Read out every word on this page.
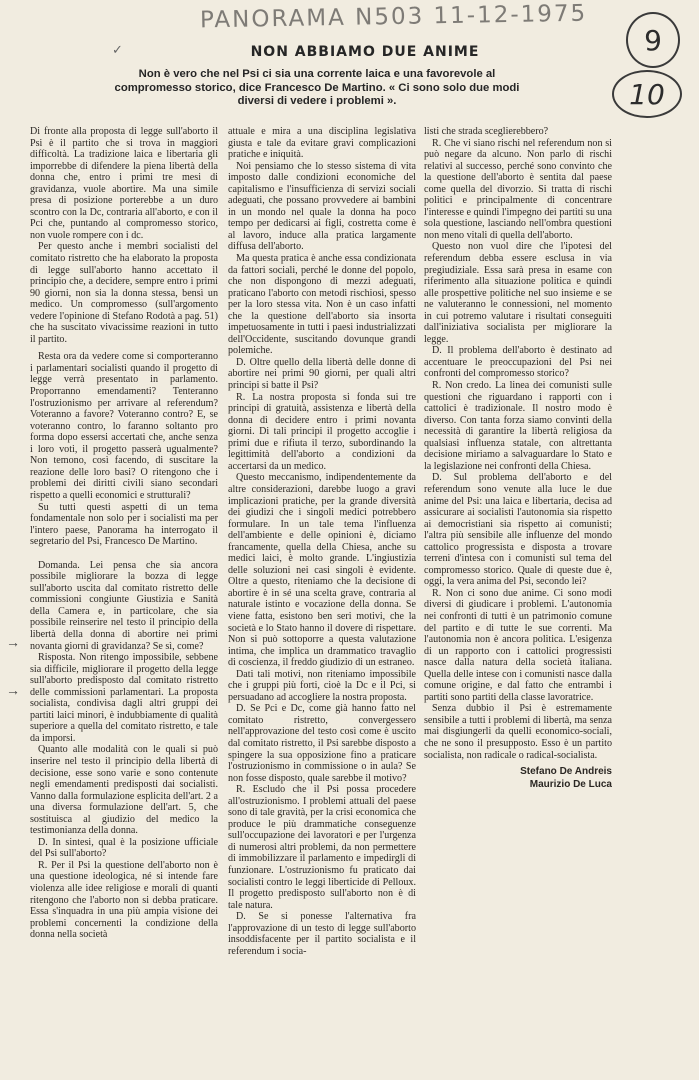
PANORAMA N503 11-12-1975
9
10
✓	NON ABBIAMO DUE ANIME
Non è vero che nel Psi ci sia una corrente laica e una favorevole al compromesso storico, dice Francesco De Martino. « Ci sono solo due modi diversi di vedere i problemi ».

Di fronte alla proposta di legge sull'aborto il Psi è il partito che si trova in maggiori difficoltà. La tradizione laica e libertaria gli imporrebbe di difendere la piena libertà della donna che, entro i primi tre mesi di gravidanza, vuole abortire. Ma una simile presa di posizione porterebbe a un duro scontro con la Dc, contraria all'aborto, e con il Pci che, puntando al compromesso storico, non vuole rompere con i dc.

Per questo anche i membri socialisti del comitato ristretto che ha elaborato la proposta di legge sull'aborto hanno accettato il principio che, a decidere, sempre entro i primi 90 giorni, non sia la donna stessa, bensì un medico. Un compromesso (sull'argomento vedere l'opinione di Stefano Rodotà a pag. 51) che ha suscitato vivacissime reazioni in tutto il partito.

Resta ora da vedere come si comporteranno i parlamentari socialisti quando il progetto di legge verrà presentato in parlamento. Proporranno emendamenti? Tenteranno l'ostruzionismo per arrivare al referendum? Voteranno a favore? Voteranno contro? E, se voteranno contro, lo faranno soltanto pro forma dopo essersi accertati che, anche senza i loro voti, il progetto passerà ugualmente? Non temono, così facendo, di suscitare la reazione delle loro basi? O ritengono che i problemi dei diritti civili siano secondari rispetto a quelli economici e strutturali?

Su tutti questi aspetti di un tema fondamentale non solo per i socialisti ma per l'intero paese, Panorama ha interrogato il segretario del Psi, Francesco De Martino.

Domanda. Lei pensa che sia ancora possibile migliorare la bozza di legge sull'aborto uscita dal comitato ristretto delle commissioni congiunte Giustizia e Sanità della Camera e, in particolare, che sia possibile reinserire nel testo il principio della libertà della donna di abortire nei primi novanta giorni di gravidanza? Se sì, come?

Risposta. Non ritengo impossibile, sebbene sia difficile, migliorare il progetto della legge sull'aborto predisposto dal comitato ristretto delle commissioni parlamentari. La proposta socialista, condivisa dagli altri gruppi dei partiti laici minori, è indubbiamente di qualità superiore a quella del comitato ristretto, e tale da imporsi.

Quanto alle modalità con le quali si può inserire nel testo il principio della libertà di decisione, esse sono varie e sono contenute negli emendamenti predisposti dai socialisti. Vanno dalla formulazione esplicita dell'art. 2 a una diversa formulazione dell'art. 5, che sostituisca al giudizio del medico la testimonianza della donna.

D. In sintesi, qual è la posizione ufficiale del Psi sull'aborto?

R. Per il Psi la questione dell'aborto non è una questione ideologica, né si intende fare violenza alle idee religiose e morali di quanti ritengono che l'aborto non si debba praticare. Essa s'inquadra in una più ampia visione dei problemi concernenti la condizione della donna nella società

attuale e mira a una disciplina legislativa giusta e tale da evitare gravi complicazioni pratiche e iniquità.

Noi pensiamo che lo stesso sistema di vita imposto dalle condizioni economiche del capitalismo e l'insufficienza di servizi sociali adeguati, che possano provvedere ai bambini in un mondo nel quale la donna ha poco tempo per dedicarsi ai figli, costrettа come è al lavoro, induce alla pratica largamente diffusa dell'aborto.

Ma questa pratica è anche essa condizionata da fattori sociali, perché le donne del popolo, che non dispongono di mezzi adeguati, praticano l'aborto con metodi rischiosi, spesso per la loro stessa vita. Non è un caso infatti che la questione dell'aborto sia insorta impetuosamente in tutti i paesi industrializzati dell'Occidente, suscitando dovunque grandi polemiche.

D. Oltre quello della libertà delle donne di abortire nei primi 90 giorni, per quali altri principi si batte il Psi?

R. La nostra proposta si fonda sui tre principi di gratuità, assistenza e libertà della donna di decidere entro i primi novanta giorni. Di tali principi il progetto accoglie i primi due e rifiuta il terzo, subordinando la legittimità dell'aborto a condizioni da accertarsi da un medico.

Questo meccanismo, indipendentemente da altre considerazioni, darebbe luogo a gravi implicazioni pratiche, per la grande diversità dei giudizi che i singoli medici potrebbero formulare. In un tale tema l'influenza dell'ambiente e delle opinioni è, diciamo francamente, quella della Chiesa, anche su medici laici, è molto grande. L'ingiustizia delle soluzioni nei casi singoli è evidente. Oltre a questo, riteniamo che la decisione di abortire è in sé una scelta grave, contraria al naturale istinto e vocazione della donna. Se viene fatta, esistono ben seri motivi, che la società e lo Stato hanno il dovere di rispettare. Non si può sottoporre a questa valutazione intima, che implica un drammatico travaglio di coscienza, il freddo giudizio di un estraneo.

Dati tali motivi, non riteniamo impossibile che i gruppi più forti, cioè la Dc e il Pci, si persuadano ad accogliere la nostra proposta.

D. Se Pci e Dc, come già hanno fatto nel comitato ristretto, convergessero nell'approvazione del testo così come è uscito dal comitato ristretto, il Psi sarebbe disposto a spingere la sua opposizione fino a praticare l'ostruzionismo in commissione o in aula? Se non fosse disposto, quale sarebbe il motivo?

R. Escludo che il Psi possa procedere all'ostruzionismo. I problemi attuali del paese sono di tale gravità, per la crisi economica che produce le più drammatiche conseguenze sull'occupazione dei lavoratori e per l'urgenza di numerosi altri problemi, da non permettere di immobilizzare il parlamento e impedirgli di funzionare. L'ostruzionismo fu praticato dai socialisti contro le leggi liberticide di Pelloux. Il progetto predisposto sull'aborto non è di tale natura.

D. Se si ponesse l'alternativa fra l'approvazione di un testo di legge sull'aborto insoddisfacente per il partito socialista e il referendum i socia-

listi che strada sceglierebbero?

R. Che vi siano rischi nel referendum non si può negare da alcuno. Non parlo di rischi relativi al successo, perché sono convinto che la questione dell'aborto è sentita dal paese come quella del divorzio. Si tratta di rischi politici e principalmente di concentrare l'interesse e quindi l'impegno dei partiti su una sola questione, lasciando nell'ombra questioni non meno vitali di quella dell'aborto.

Questo non vuol dire che l'ipotesi del referendum debba essere esclusa in via pregiudiziale. Essa sarà presa in esame con riferimento alla situazione politica e quindi alle prospettive politiche nel suo insieme e se ne valuteranno le connessioni, nel momento in cui potremo valutare i risultati conseguiti dall'iniziativa socialista per migliorare la legge.

D. Il problema dell'aborto è destinato ad accentuare le preoccupazioni del Psi nei confronti del compromesso storico?

R. Non credo. La linea dei comunisti sulle questioni che riguardano i rapporti con i cattolici è tradizionale. Il nostro modo è diverso. Con tanta forza siamo convinti della necessità di garantire la libertà religiosa da qualsiasi influenza statale, con altrettanta decisione miriamo a salvaguardare lo Stato e la legislazione nei confronti della Chiesa.

D. Sul problema dell'aborto e del referendum sono venute alla luce le due anime del Psi: una laica e libertaria, decisa ad assicurare ai socialisti l'autonomia sia rispetto ai democristiani sia rispetto ai comunisti; l'altra più sensibile alle influenze del mondo cattolico progressista e disposta a trovare terreni d'intesa con i comunisti sul tema del compromesso storico. Quale di queste due è, oggi, la vera anima del Psi, secondo lei?

R. Non ci sono due anime. Ci sono modi diversi di giudicare i problemi. L'autonomia nei confronti di tutti è un patrimonio comune del partito e di tutte le sue correnti. Ma l'autonomia non è ancora politica. L'esigenza di un rapporto con i cattolici progressisti nasce dalla natura della società italiana. Quella delle intese con i comunisti nasce dalla comune origine, e dal fatto che entrambi i partiti sono partiti della classe lavoratrice.

Senza dubbio il Psi è estremamente sensibile a tutti i problemi di libertà, ma senza mai disgiungerli da quelli economico-sociali, che ne sono il presupposto. Esso è un partito socialista, non radicale o radical-socialista.

Stefano De Andreis
Maurizio De Luca
→
→
